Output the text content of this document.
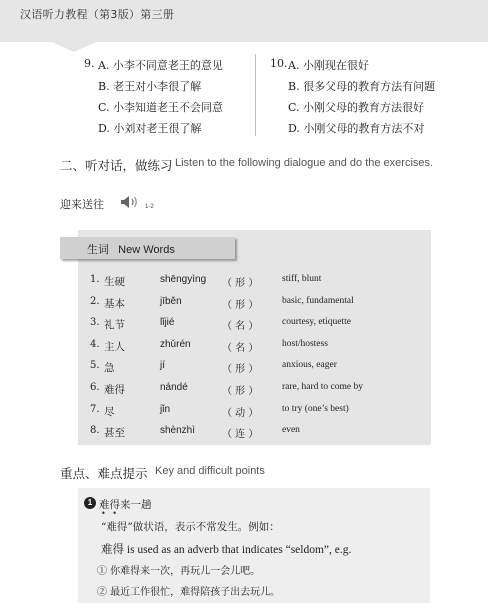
汉语听力教程（第3版）第三册
9. A. 小李不同意老王的意见
B. 老王对小李很了解
C. 小李知道老王不会同意
D. 小刘对老王很了解
10. A. 小刚现在很好
B. 很多父母的教育方法有问题
C. 小刚父母的教育方法很好
D. 小刚父母的教育方法不对
二、听对话，做练习 Listen to the following dialogue and do the exercises.
迎来送往	1-2
生词 New Words
1. 生硬	shēngyìng （ 形 ） stiff, blunt
2. 基本	jīběn	（ 形 ） basic, fundamental
3. 礼节	lǐjié	（ 名 ） courtesy, etiquette
4. 主人	zhǔrén	（ 名 ） host/hostess
5. 急	jí	（ 形 ） anxious, eager
6. 难得	nándé	（ 形 ） rare, hard to come by
7. 尽	jǐn	（ 动 ） to try (one’s best)
8. 甚至	shènzhì	（ 连 ） even
重点、难点提示 Key and difficult points
1 难得来一趟
• •
“难得”做状语，表示不常发生。例如：
难得 is used as an adverb that indicates “seldom”, e.g.
① 你难得来一次，再玩儿一会儿吧。
② 最近工作很忙，难得陪孩子出去玩儿。
